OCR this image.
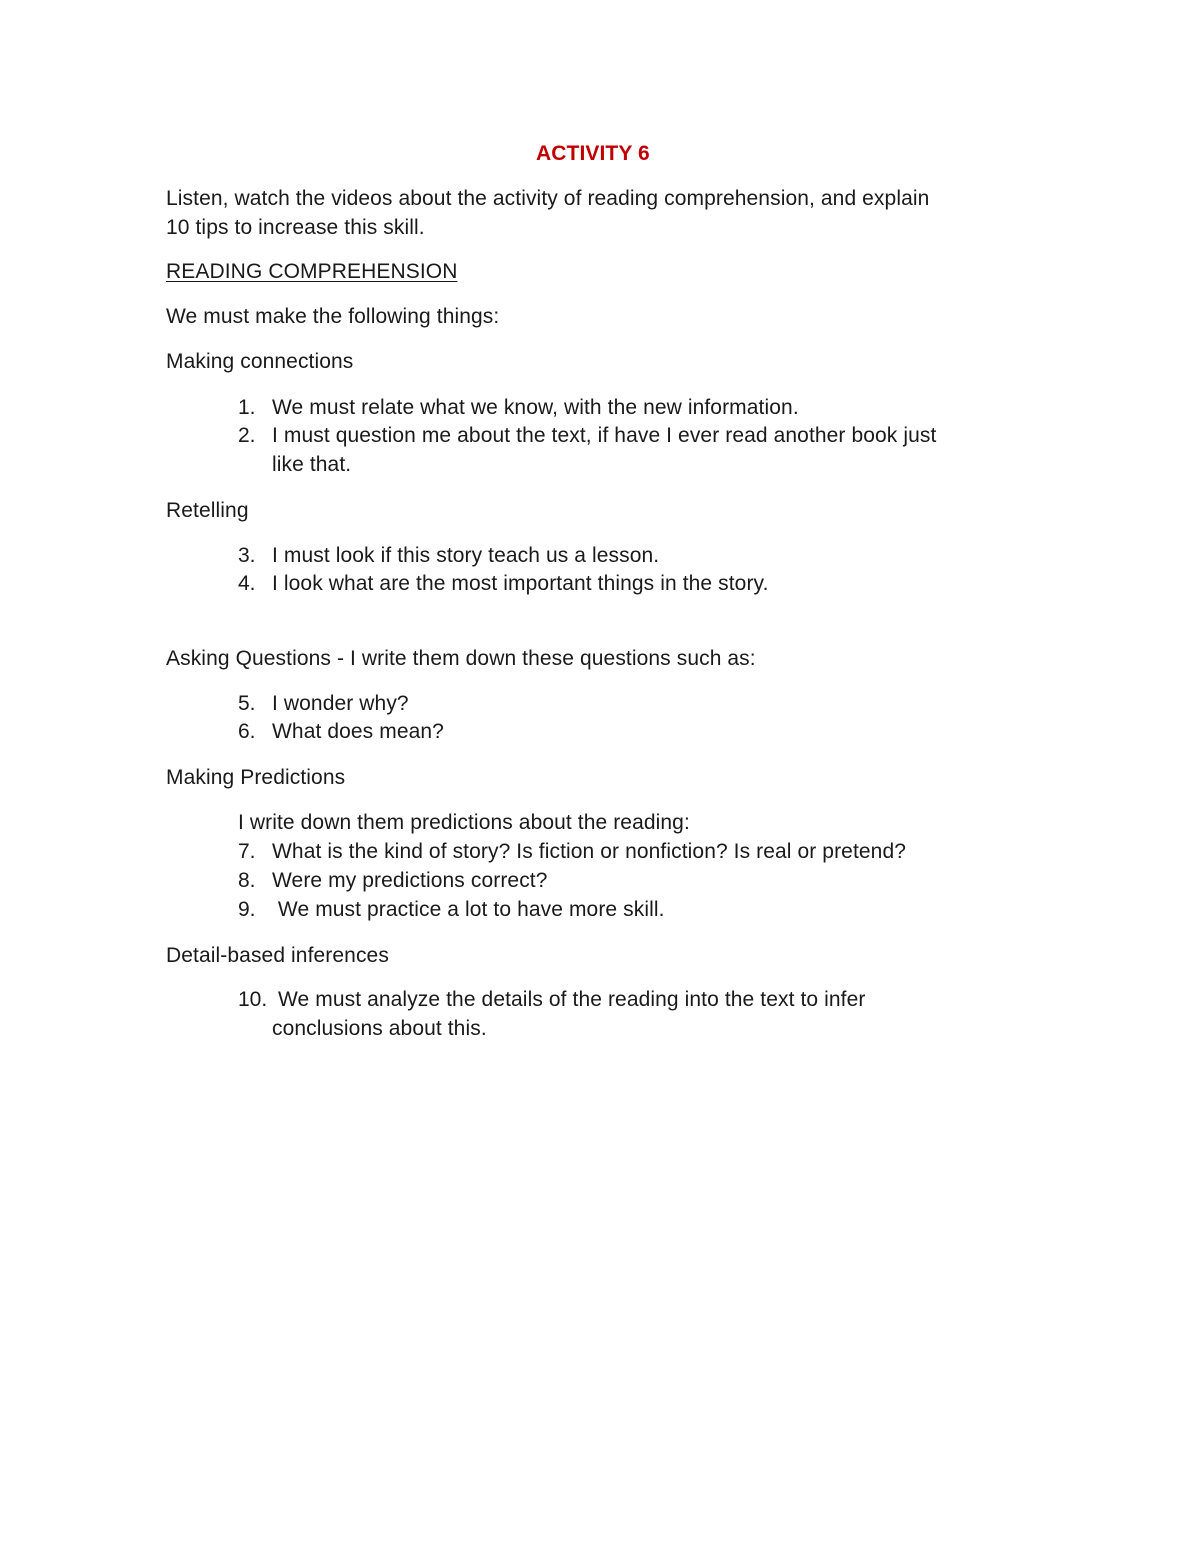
ACTIVITY 6
Listen, watch the videos about the activity of reading comprehension, and explain
10 tips to increase this skill.
READING COMPREHENSION
We must make the following things:
Making connections
1. We must relate what we know, with the new information.
2. I must question me about the text, if have I ever read another book just
like that.
Retelling
3. I must look if this story teach us a lesson.
4. I look what are the most important things in the story.
Asking Questions - I write them down these questions such as:
5. I wonder why?
6. What does mean?
Making Predictions
I write down them predictions about the reading:
7. What is the kind of story? Is fiction or nonfiction? Is real or pretend?
8. Were my predictions correct?
9. We must practice a lot to have more skill.
Detail-based inferences
10. We must analyze the details of the reading into the text to infer
conclusions about this.
